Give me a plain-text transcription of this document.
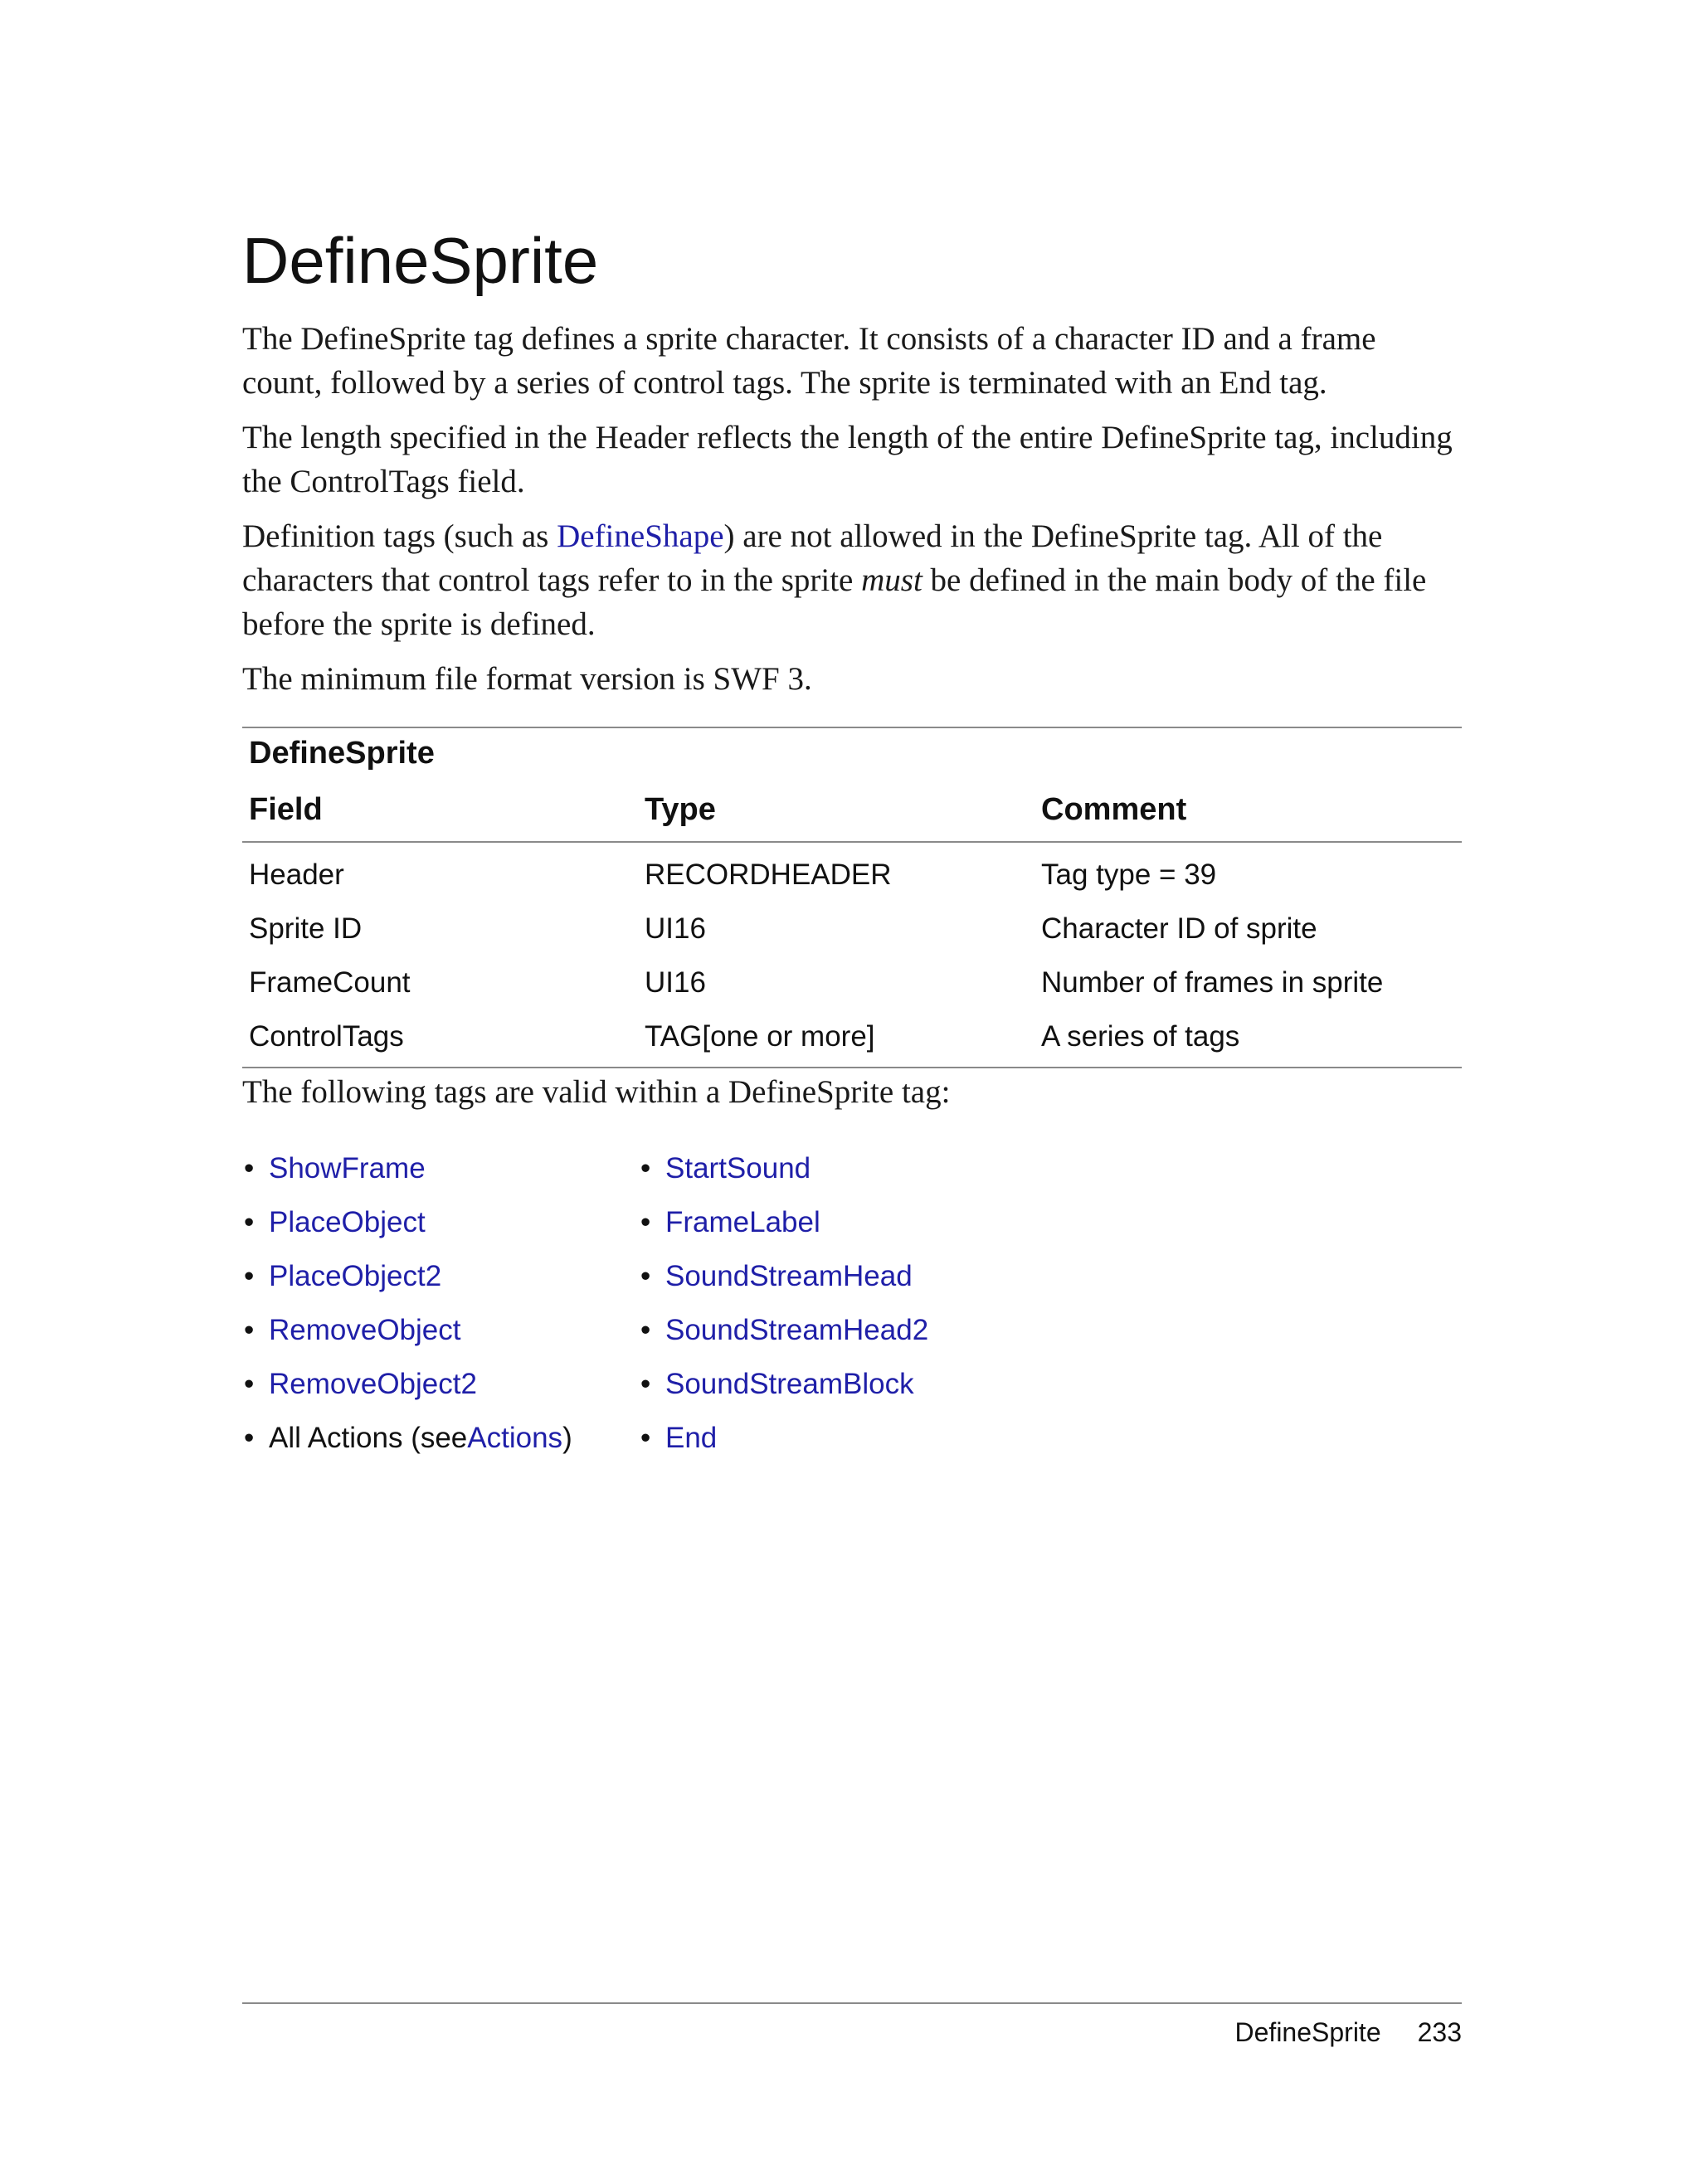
DefineSprite

The DefineSprite tag defines a sprite character. It consists of a character ID and a frame count, followed by a series of control tags. The sprite is terminated with an End tag.

The length specified in the Header reflects the length of the entire DefineSprite tag, including the ControlTags field.

Definition tags (such as DefineShape) are not allowed in the DefineSprite tag. All of the characters that control tags refer to in the sprite must be defined in the main body of the file before the sprite is defined.

The minimum file format version is SWF 3.

DefineSprite
Field	Type	Comment
Header	RECORDHEADER	Tag type = 39
Sprite ID	UI16	Character ID of sprite
FrameCount	UI16	Number of frames in sprite
ControlTags	TAG[one or more]	A series of tags

The following tags are valid within a DefineSprite tag:

• ShowFrame
• PlaceObject
• PlaceObject2
• RemoveObject
• RemoveObject2
• All Actions (see Actions )
• StartSound
• FrameLabel
• SoundStreamHead
• SoundStreamHead2
• SoundStreamBlock
• End
DefineSprite 233
